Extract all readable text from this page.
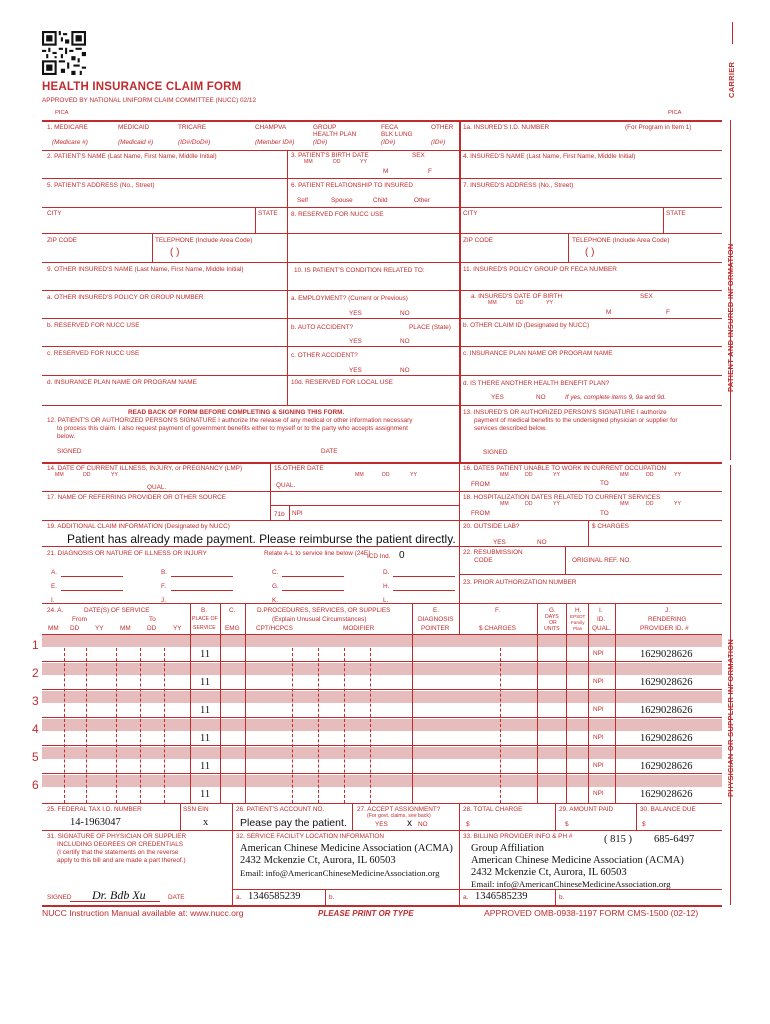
CARRIER
HEALTH INSURANCE CLAIM FORM
APPROVED BY NATIONAL UNIFORM CLAIM COMMITTEE (NUCC) 02/12
PICA	PICA
PATIENT AND INSURED INFORMATION
PHYSICIAN OR SUPPLIER INFORMATION
1. MEDICARE	MEDICAID	TRICARE	CHAMPVA	GROUP
HEALTH PLAN
FECA
BLK LUNG
OTHER
(Medicare #)	(Medicaid #)	(ID#/DoD#)	(Member ID#)	(ID#)	(ID#)	(ID#)
1a. INSURED'S I.D. NUMBER	(For Program in Item 1)
2. PATIENT'S NAME (Last Name, First Name, Middle Initial)	3. PATIENT'S BIRTH DATE
MM	DD	YY
SEX
M	F
4. INSURED'S NAME (Last Name, First Name, Middle Initial)
5. PATIENT'S ADDRESS (No., Street)	6. PATIENT RELATIONSHIP TO INSURED
Self	Spouse	Child	Other
7. INSURED'S ADDRESS (No., Street)
CITY	STATE 8. RESERVED FOR NUCC USE	CITY	STATE
ZIP CODE	TELEPHONE (Include Area Code)
( )
ZIP CODE	TELEPHONE (Include Area Code)
( )
9. OTHER INSURED'S NAME (Last Name, First Name, Middle Initial)	10. IS PATIENT'S CONDITION RELATED TO:	11. INSURED'S POLICY GROUP OR FECA NUMBER
a. OTHER INSURED'S POLICY OR GROUP NUMBER	a. EMPLOYMENT? (Current or Previous)
YES	NO
a. INSURED'S DATE OF BIRTH
MM	DD	YY
SEX
M	F
b. RESERVED FOR NUCC USE	b. AUTO ACCIDENT?	PLACE (State)
YES	NO
b. OTHER CLAIM ID (Designated by NUCC)
c. RESERVED FOR NUCC USE	c. OTHER ACCIDENT?
YES	NO
c. INSURANCE PLAN NAME OR PROGRAM NAME
d. INSURANCE PLAN NAME OR PROGRAM NAME	10d. RESERVED FOR LOCAL USE	d. IS THERE ANOTHER HEALTH BENEFIT PLAN?
YES	NO	If yes, complete items 9, 9a and 9d.
READ BACK OF FORM BEFORE COMPLETING & SIGNING THIS FORM.
12. PATIENT'S OR AUTHORIZED PERSON'S SIGNATURE I authorize the release of any medical or other information necessary
to process this claim. I also request payment of government benefits either to myself or to the party who accepts assignment
below.
SIGNED	DATE
13. INSURED'S OR AUTHORIZED PERSON'S SIGNATURE I authorize
payment of medical benefits to the undersigned physician or supplier for
services described below.
SIGNED
14. DATE OF CURRENT ILLNESS, INJURY, or PREGNANCY (LMP)
MM	DD	YY
QUAL.
15.OTHER DATE
QUAL.
MM	DD	YY
16. DATES PATIENT UNABLE TO WORK IN CURRENT OCCUPATION
MM	DD	YY	MM	DD	YY
FROM	TO
17. NAME OF REFERRING PROVIDER OR OTHER SOURCE
71b NPI
18. HOSPITALIZATION DATES RELATED TO CURRENT SERVICES
MM	DD	YY	MM	DD	YY
FROM	TO
19. ADDITIONAL CLAIM INFORMATION (Designated by NUCC)
Patient has already made payment. Please reimburse the patient directly.
20. OUTSIDE LAB?	$ CHARGES
YES	NO
21. DIAGNOSIS OR NATURE OF ILLNESS OR INJURY	Relate A-L to service line below (24E)
ICD Ind. 0	22. RESUBMISSION
CODE	ORIGINAL REF. NO.
23. PRIOR AUTHORIZATION NUMBER
A.	B.	C.	D.
E.	F.	G.	H.
I.	J.	K.	L.
24. A.	DATE(S) OF SERVICE
From	To
MM DD YY	MM	DD	YY
B.
PLACE OF
SERVICE
C.
EMG
D.PROCEDURES, SERVICES, OR SUPPLIES
(Explain Unusual Circumstances)
CPT/HCPCS	MODIFIER
E.
DIAGNOSIS
POINTER
F.
$ CHARGES
G.
DAYS
OR
UNITS
H.
EPSDT
Family
Plan
I.
ID.
QUAL.
J.
RENDERING
PROVIDER ID. #
1
2
3
4
5
6
11	NPI	1629028626
11	NPI	1629028626
11	NPI	1629028626
11	NPI	1629028626
11	NPI	1629028626
11	NPI	1629028626
25. FEDERAL TAX I.D. NUMBER	SSN EIN
14-1963047	x
26. PATIENT'S ACCOUNT NO.
Please pay the patient.
27. ACCEPT ASSIGNMENT?
(For govt. claims, see back)
YES x NO
28. TOTAL CHARGE
$
29. AMOUNT PAID
$
30. BALANCE DUE
$
31. SIGNATURE OF PHYSICIAN OR SUPPLIER
INCLUDING DEGREES OR CREDENTIALS
(I certify that the statements on the reverse
apply to this bill and are made a part thereof.)
SIGNED Dr. Bdb Xu	DATE
32. SERVICE FACILITY LOCATION INFORMATION
American Chinese Medicine Association (ACMA)
2432 Mckenzie Ct, Aurora, IL 60503
Email: info@AmericanChineseMedicineAssociation.org
a. 1346585239	b.
33. BILLING PROVIDER INFO & PH #	( 815 ) 685-6497
Group Affiliation
American Chinese Medicine Association (ACMA)
2432 Mckenzie Ct, Aurora, IL 60503
Email: info@AmericanChineseMedicineAssociation.org
a. 1346585239	b.
NUCC Instruction Manual available at: www.nucc.org	PLEASE PRINT OR TYPE	APPROVED OMB-0938-1197 FORM CMS-1500 (02-12)
